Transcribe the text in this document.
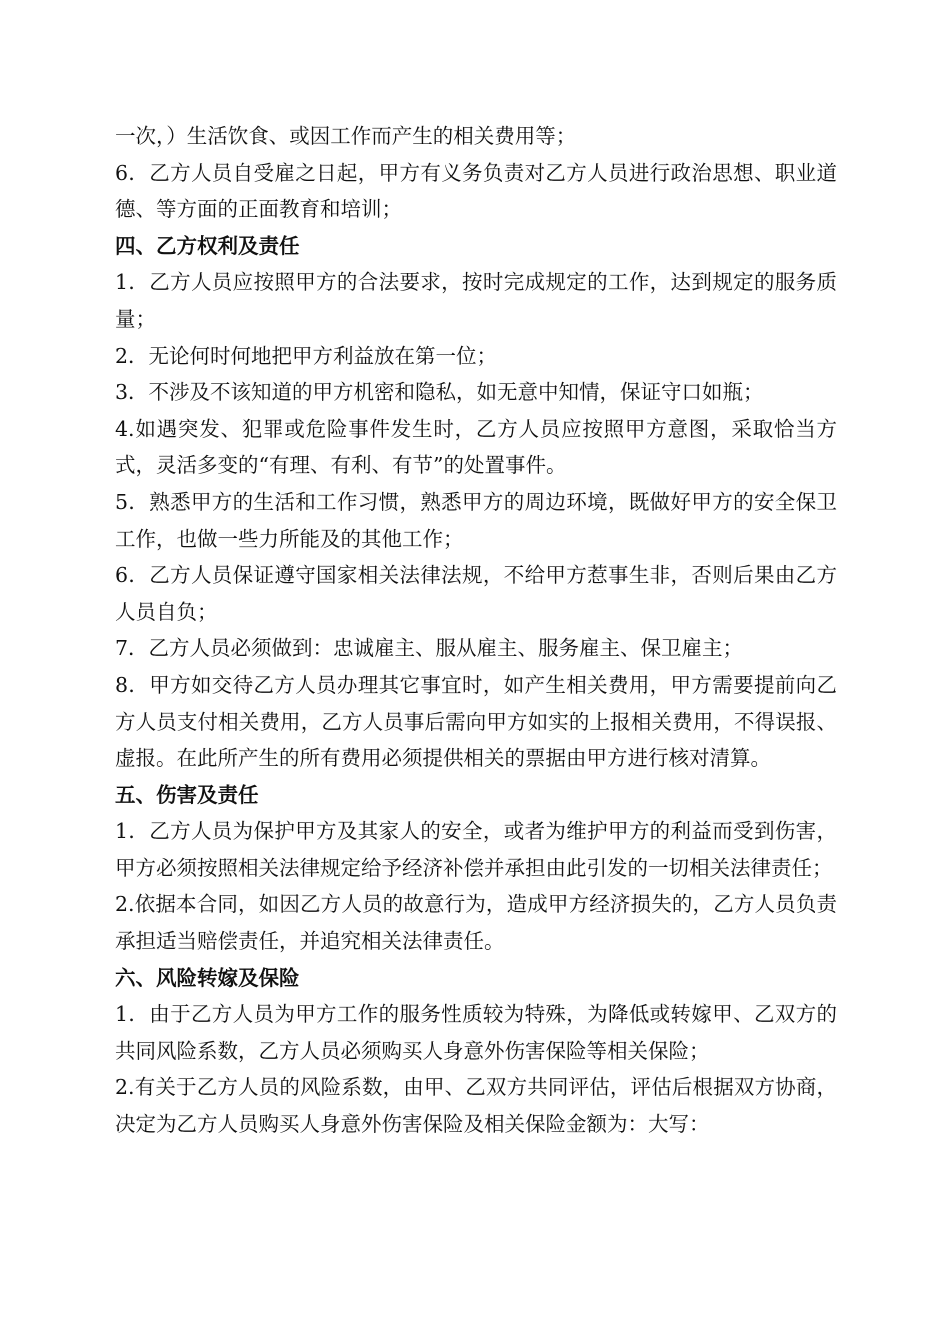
一次，）生活饮食、或因工作而产生的相关费用等；

6．乙方人员自受雇之日起，甲方有义务负责对乙方人员进行政治思想、职业道德、等方面的正面教育和培训；

四、乙方权利及责任

1．乙方人员应按照甲方的合法要求，按时完成规定的工作，达到规定的服务质量；

2．无论何时何地把甲方利益放在第一位；

3．不涉及不该知道的甲方机密和隐私，如无意中知情，保证守口如瓶；

4.如遇突发、犯罪或危险事件发生时，乙方人员应按照甲方意图，采取恰当方式，灵活多变的“有理、有利、有节”的处置事件。

5．熟悉甲方的生活和工作习惯，熟悉甲方的周边环境，既做好甲方的安全保卫工作，也做一些力所能及的其他工作；

6．乙方人员保证遵守国家相关法律法规，不给甲方惹事生非，否则后果由乙方人员自负；

7．乙方人员必须做到：忠诚雇主、服从雇主、服务雇主、保卫雇主；

8．甲方如交待乙方人员办理其它事宜时，如产生相关费用，甲方需要提前向乙方人员支付相关费用，乙方人员事后需向甲方如实的上报相关费用，不得误报、虚报。在此所产生的所有费用必须提供相关的票据由甲方进行核对清算。

五、伤害及责任

1．乙方人员为保护甲方及其家人的安全，或者为维护甲方的利益而受到伤害，甲方必须按照相关法律规定给予经济补偿并承担由此引发的一切相关法律责任；

2.依据本合同，如因乙方人员的故意行为，造成甲方经济损失的，乙方人员负责承担适当赔偿责任，并追究相关法律责任。

六、风险转嫁及保险

1．由于乙方人员为甲方工作的服务性质较为特殊，为降低或转嫁甲、乙双方的共同风险系数，乙方人员必须购买人身意外伤害保险等相关保险；

2.有关于乙方人员的风险系数，由甲、乙双方共同评估，评估后根据双方协商，决定为乙方人员购买人身意外伤害保险及相关保险金额为：大写：
